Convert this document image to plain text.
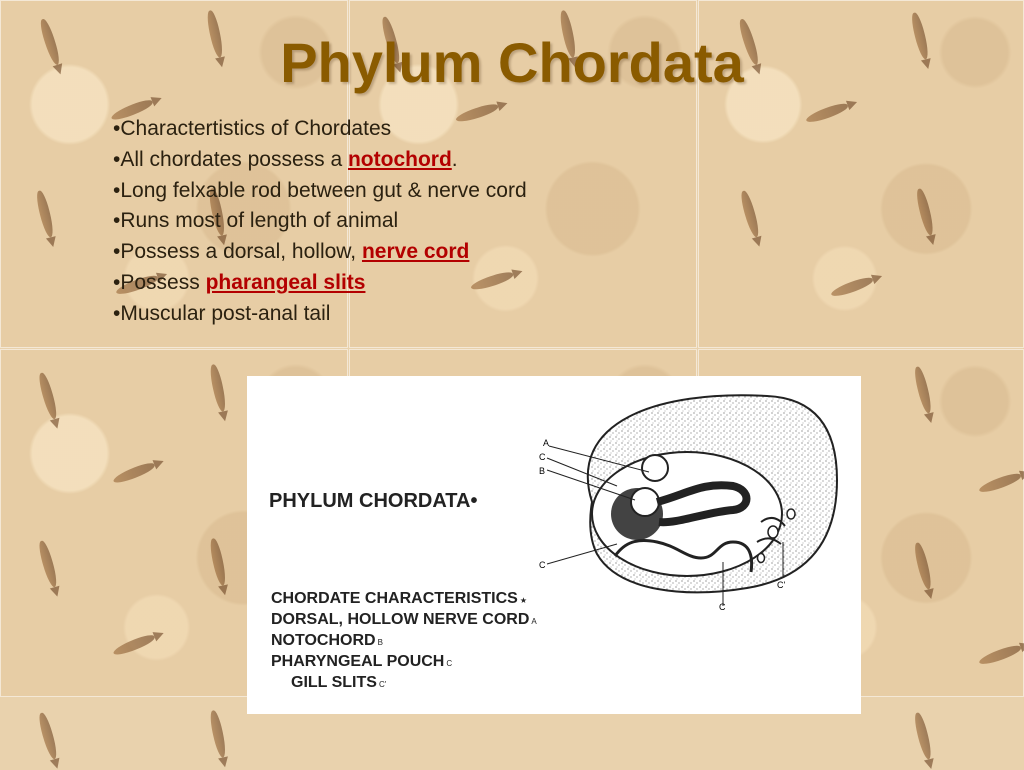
Phylum Chordata
•Charactertistics of Chordates
•All chordates possess a notochord.
•Long felxable rod between gut & nerve cord
•Runs most of length of animal
•Possess a dorsal, hollow, nerve cord
•Possess pharangeal slits
•Muscular post-anal tail
PHYLUM CHORDATA•
CHORDATE CHARACTERISTICS ★
DORSAL, HOLLOW NERVE CORD A
NOTOCHORD B
PHARYNGEAL POUCH C
GILL SLITS C'
A
C
B
C
C'
C
